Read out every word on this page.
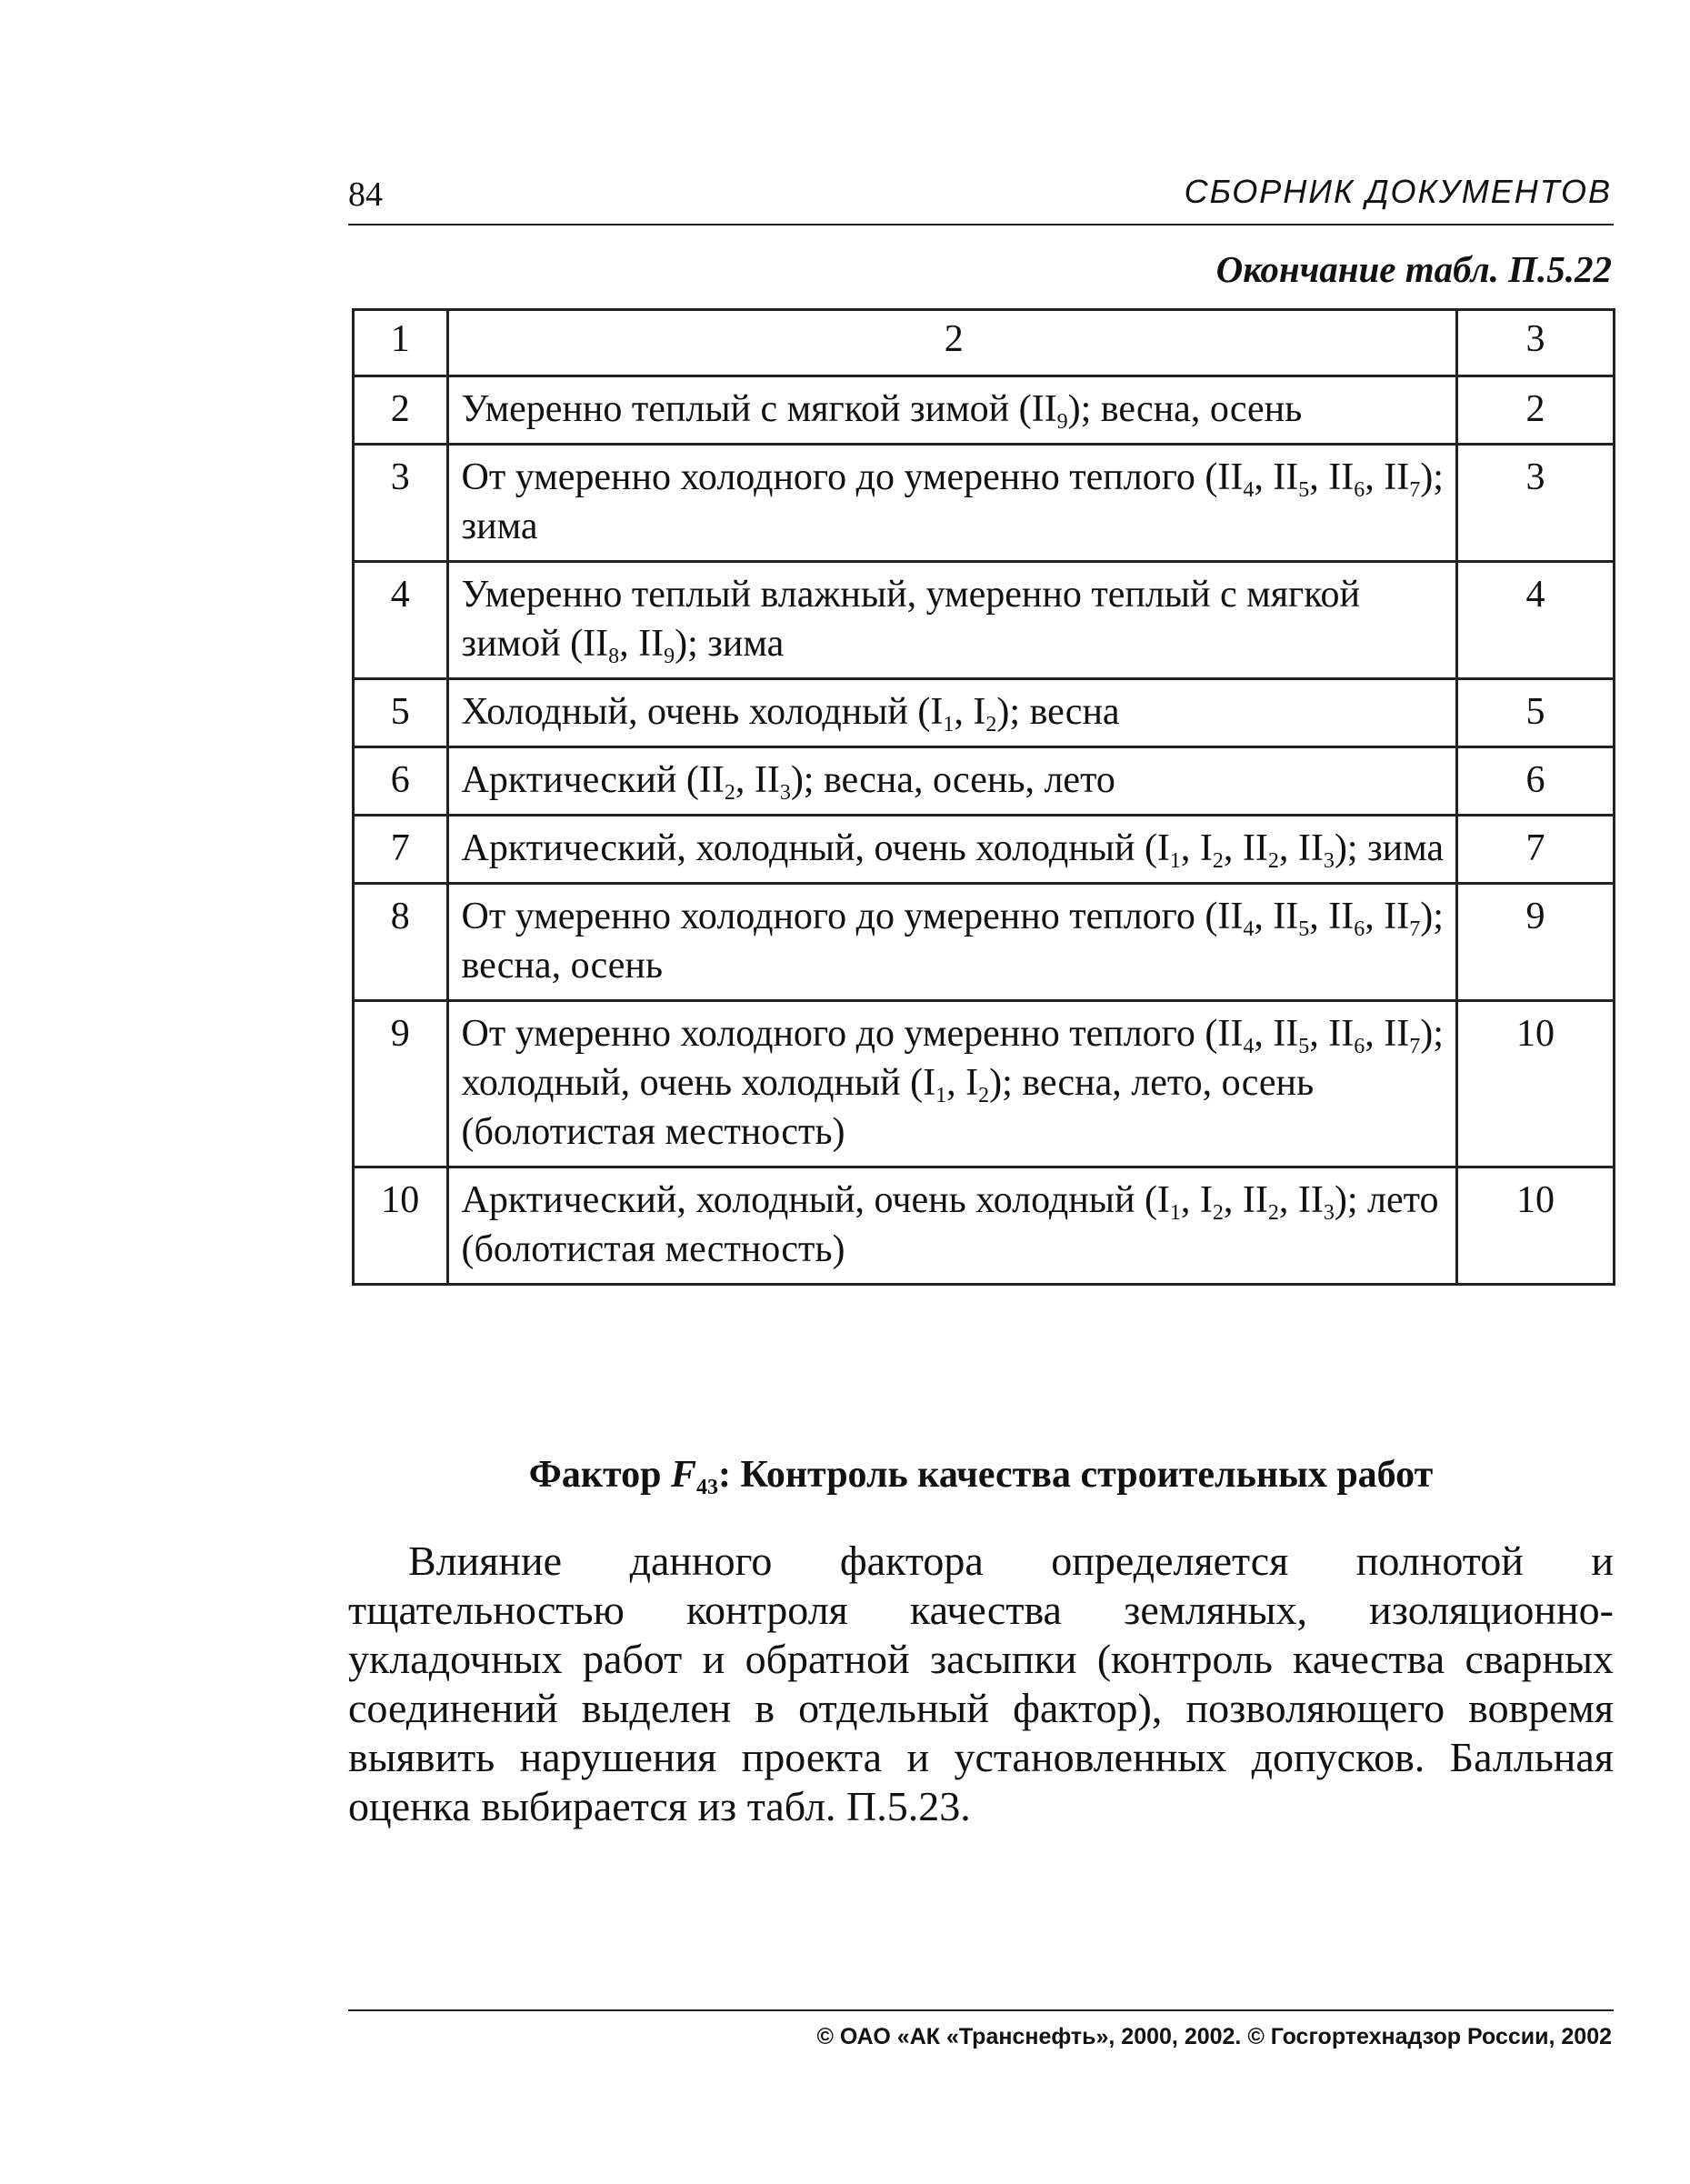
84	СБОРНИК ДОКУМЕНТОВ
Окончание табл. П.5.22
1	2	3
2	Умеренно теплый с мягкой зимой $(II_9)$; весна, осень	2
3	От умеренно холодного до умеренно теплого ($II_4$, $II_5$, $II_6$, $II_7$); зима	3
4	Умеренно теплый влажный, умеренно теплый с мягкой зимой ($II_8$, $II_9$); зима	4
5	Холодный, очень холодный ($I_1$, $I_2$); весна	5
6	Арктический ($II_2$, $II_3$); весна, осень, лето	6
7	Арктический, холодный, очень холодный ($I_1$, $I_2$, $II_2$, $II_3$); зима	7
8	От умеренно холодного до умеренно теплого ($II_4$, $II_5$, $II_6$, $II_7$); весна, осень	9
9	От умеренно холодного до умеренно теплого ($II_4$, $II_5$, $II_6$, $II_7$); холодный, очень холодный ($I_1$, $I_2$); весна, лето, осень (болотистая местность)	10
10	Арктический, холодный, очень холодный ($I_1$, $I_2$, $II_2$, $II_3$); лето (болотистая местность)	10
Фактор $F_{43}$: Контроль качества строительных работ

Влияние данного фактора определяется полнотой и тщательностью контроля качества земляных, изоляционно-укладочных работ и обратной засыпки (контроль качества сварных соединений выделен в отдельный фактор), позволяющего вовремя выявить нарушения проекта и установленных допусков. Балльная оценка выбирается из табл. П.5.23.

© ОАО «АК «Транснефть», 2000, 2002. © Госгортехнадзор России, 2002
